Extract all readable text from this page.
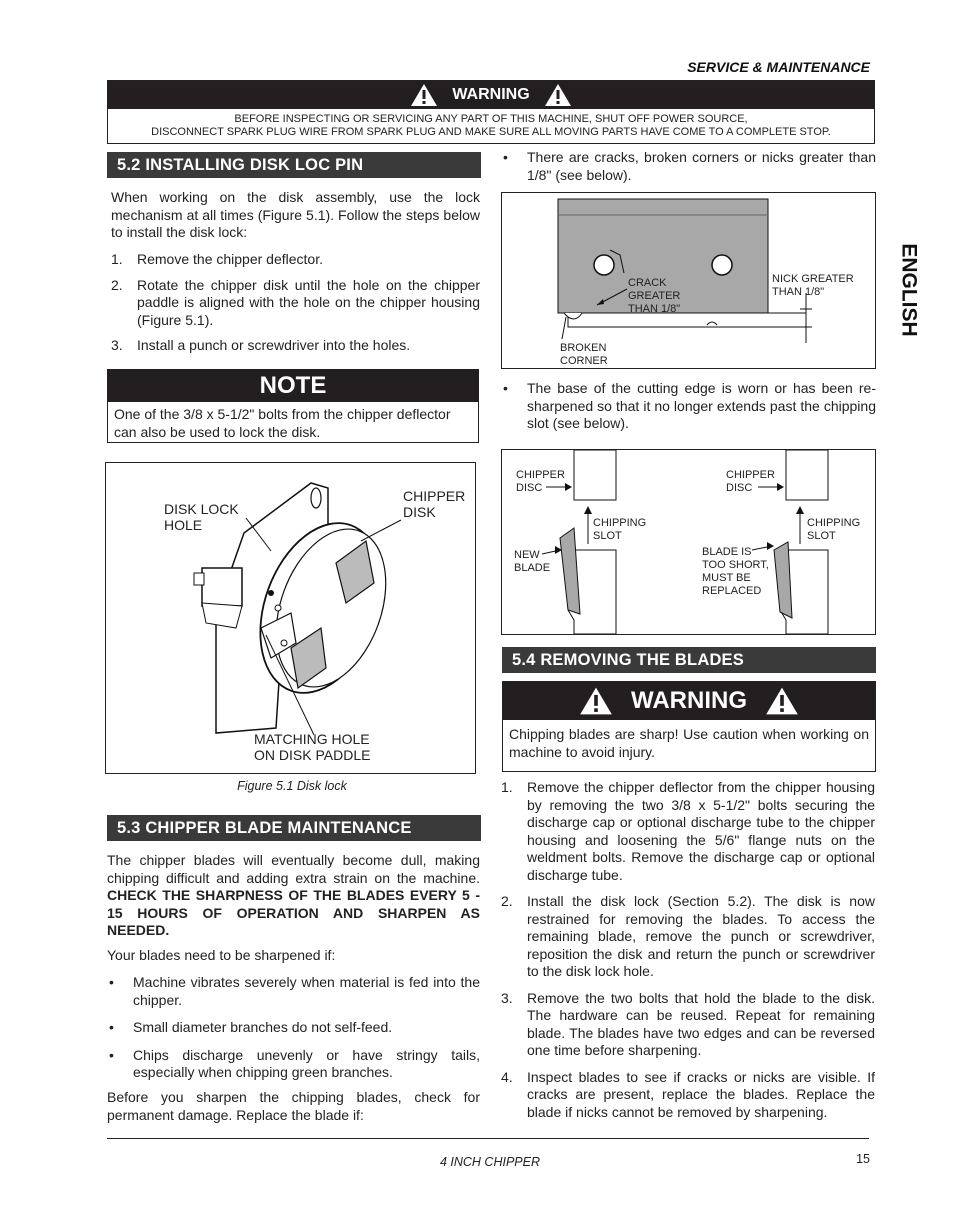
SERVICE & MAINTENANCE
WARNING
BEFORE INSPECTING OR SERVICING ANY PART OF THIS MACHINE, SHUT OFF POWER SOURCE,
DISCONNECT SPARK PLUG WIRE FROM SPARK PLUG AND MAKE SURE ALL MOVING PARTS HAVE COME TO A COMPLETE STOP.
ENGLISH
5.2 INSTALLING DISK LOC PIN
When working on the disk assembly, use the lock mechanism at all times (Figure 5.1). Follow the steps below to install the disk lock:
1.	Remove the chipper deflector.
2.	Rotate the chipper disk until the hole on the chipper paddle is aligned with the hole on the chipper housing (Figure 5.1).
3.	Install a punch or screwdriver into the holes.
NOTE
One of the 3/8 x 5-1/2" bolts from the chipper deflector can also be used to lock the disk.
DISK LOCK
HOLE
CHIPPER
DISK
MATCHING HOLE
ON DISK PADDLE
Figure 5.1 Disk lock
5.3 CHIPPER BLADE MAINTENANCE
The chipper blades will eventually become dull, making chipping difficult and adding extra strain on the machine. CHECK THE SHARPNESS OF THE BLADES EVERY 5 - 15 HOURS OF OPERATION AND SHARPEN AS NEEDED.
Your blades need to be sharpened if:
•	Machine vibrates severely when material is fed into the chipper.
•	Small diameter branches do not self-feed.
•	Chips discharge unevenly or have stringy tails, especially when chipping green branches.
Before you sharpen the chipping blades, check for permanent damage. Replace the blade if:
•	There are cracks, broken corners or nicks greater than 1/8" (see below).
CRACK
GREATER
THAN 1/8"
NICK GREATER
THAN 1/8"
BROKEN
CORNER
•	The base of the cutting edge is worn or has been re-sharpened so that it no longer extends past the chipping slot (see below).
CHIPPER
DISC
CHIPPING
SLOT
NEW
BLADE
CHIPPER
DISC
CHIPPING
SLOT
BLADE IS
TOO SHORT,
MUST BE
REPLACED
5.4 REMOVING THE BLADES
WARNING
Chipping blades are sharp! Use caution when working on machine to avoid injury.
1.	Remove the chipper deflector from the chipper housing by removing the two 3/8 x 5-1/2" bolts securing the discharge cap or optional discharge tube to the chipper housing and loosening the 5/6" flange nuts on the weldment bolts. Remove the discharge cap or optional discharge tube.
2.	Install the disk lock (Section 5.2). The disk is now restrained for removing the blades. To access the remaining blade, remove the punch or screwdriver, reposition the disk and return the punch or screwdriver to the disk lock hole.
3.	Remove the two bolts that hold the blade to the disk. The hardware can be reused. Repeat for remaining blade. The blades have two edges and can be reversed one time before sharpening.
4.	Inspect blades to see if cracks or nicks are visible. If cracks are present, replace the blades. Replace the blade if nicks cannot be removed by sharpening.
4 INCH CHIPPER	15
